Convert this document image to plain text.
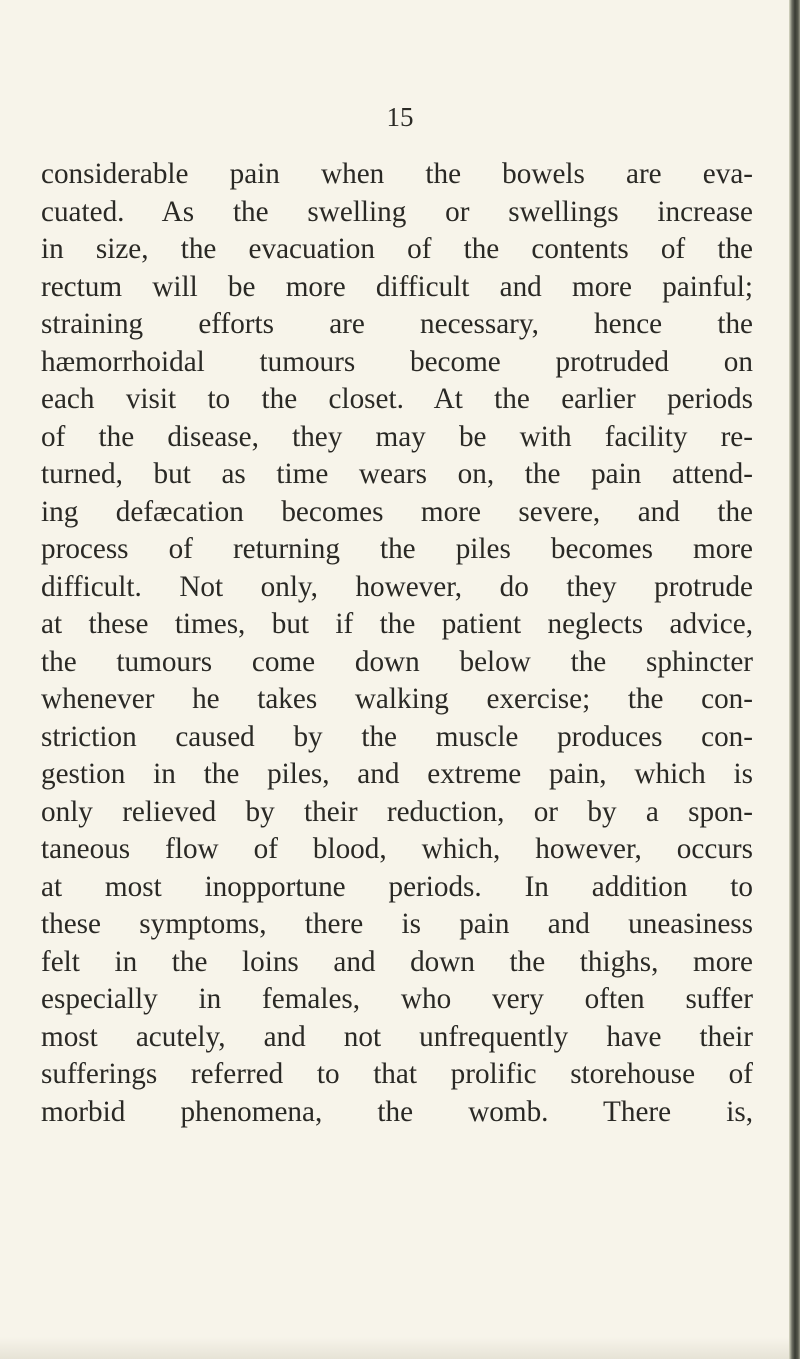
15
considerable pain when the bowels are eva-
cuated. As the swelling or swellings increase
in size, the evacuation of the contents of the
rectum will be more difficult and more painful;
straining efforts are necessary, hence the
hæmorrhoidal tumours become protruded on
each visit to the closet. At the earlier periods
of the disease, they may be with facility re-
turned, but as time wears on, the pain attend-
ing defæcation becomes more severe, and the
process of returning the piles becomes more
difficult. Not only, however, do they protrude
at these times, but if the patient neglects advice,
the tumours come down below the sphincter
whenever he takes walking exercise; the con-
striction caused by the muscle produces con-
gestion in the piles, and extreme pain, which is
only relieved by their reduction, or by a spon-
taneous flow of blood, which, however, occurs
at most inopportune periods. In addition to
these symptoms, there is pain and uneasiness
felt in the loins and down the thighs, more
especially in females, who very often suffer
most acutely, and not unfrequently have their
sufferings referred to that prolific storehouse of
morbid phenomena, the womb. There is,
